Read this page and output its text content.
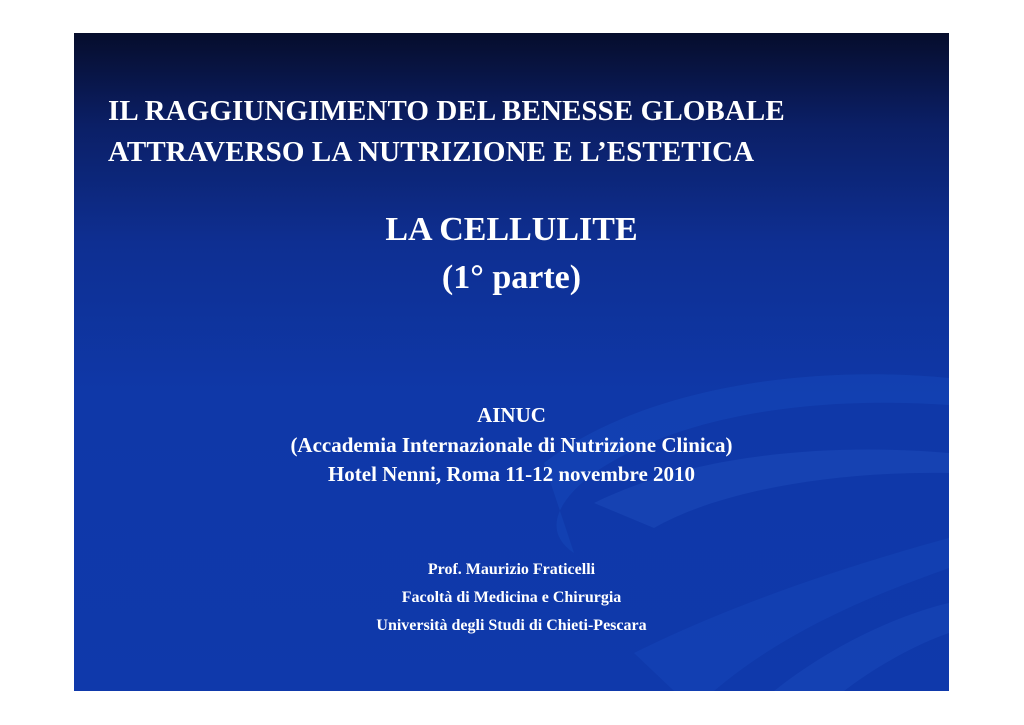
IL RAGGIUNGIMENTO DEL BENESSE GLOBALE

ATTRAVERSO LA NUTRIZIONE E L’ESTETICA

LA CELLULITE

(1° parte)

AINUC

(Accademia Internazionale di Nutrizione Clinica)

Hotel Nenni, Roma 11-12 novembre 2010

Prof. Maurizio Fraticelli

Facoltà di Medicina e Chirurgia

Università degli Studi di Chieti-Pescara
